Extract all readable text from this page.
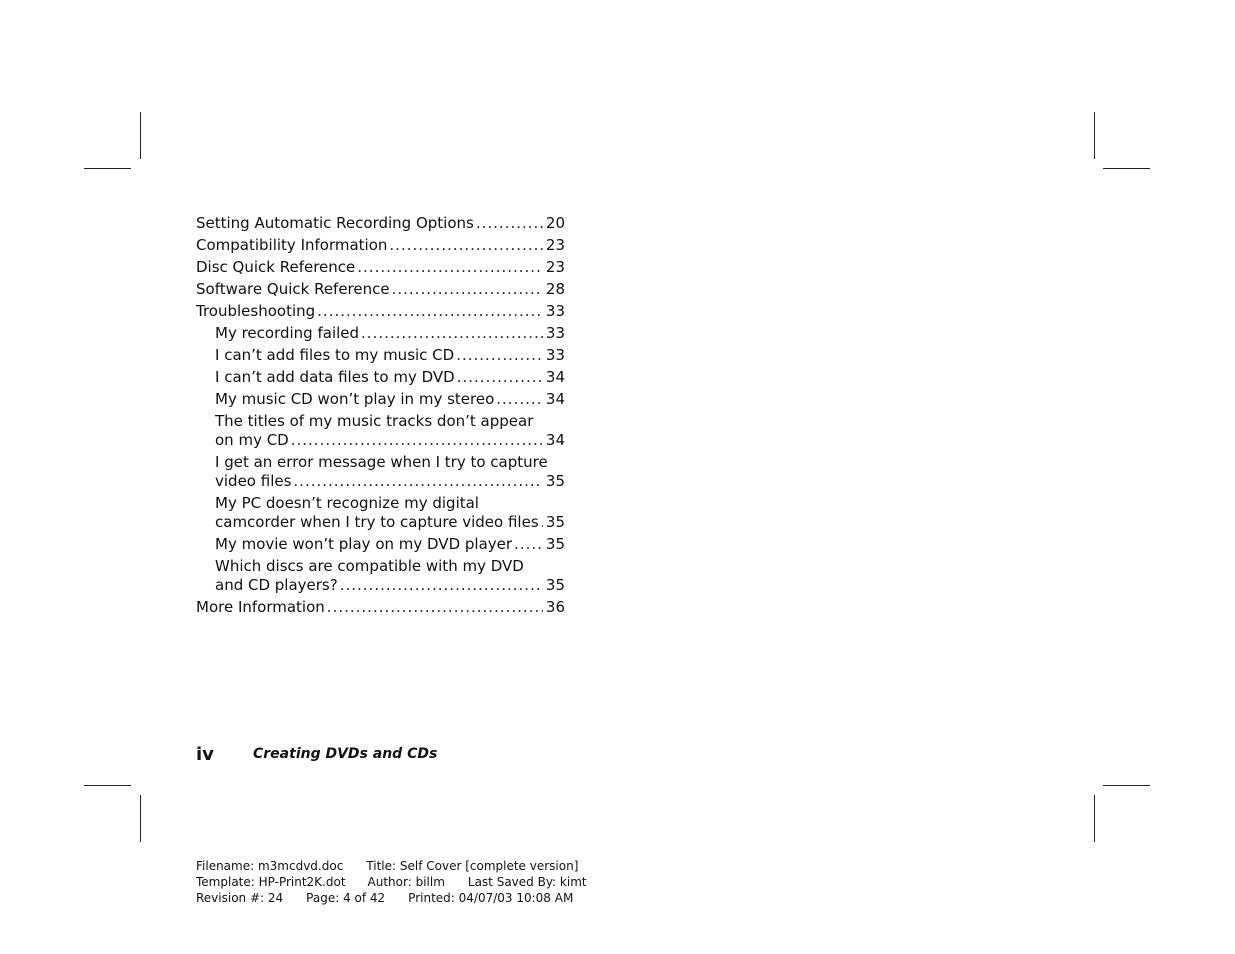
Setting Automatic Recording Options .....	20
Compatibility Information .....	23
Disc Quick Reference .....	23
Software Quick Reference .....	28
Troubleshooting .....	33
My recording failed .....	33
I can’t add files to my music CD .....	33
I can’t add data files to my DVD .....	34
My music CD won’t play in my stereo .....	34
The titles of my music tracks don’t appear
on my CD .....	34
I get an error message when I try to capture
video files .....	35
My PC doesn’t recognize my digital
camcorder when I try to capture video files ..... 35
My movie won’t play on my DVD player ..... 35
Which discs are compatible with my DVD
and CD players? .....	35
More Information .....	36
iv	Creating DVDs and CDs
Filename: m3mcdvd.doc Title: Self Cover [complete version]
Template: HP-Print2K.dot Author: billm Last Saved By: kimt
Revision #: 24 Page: 4 of 42 Printed: 04/07/03 10:08 AM
